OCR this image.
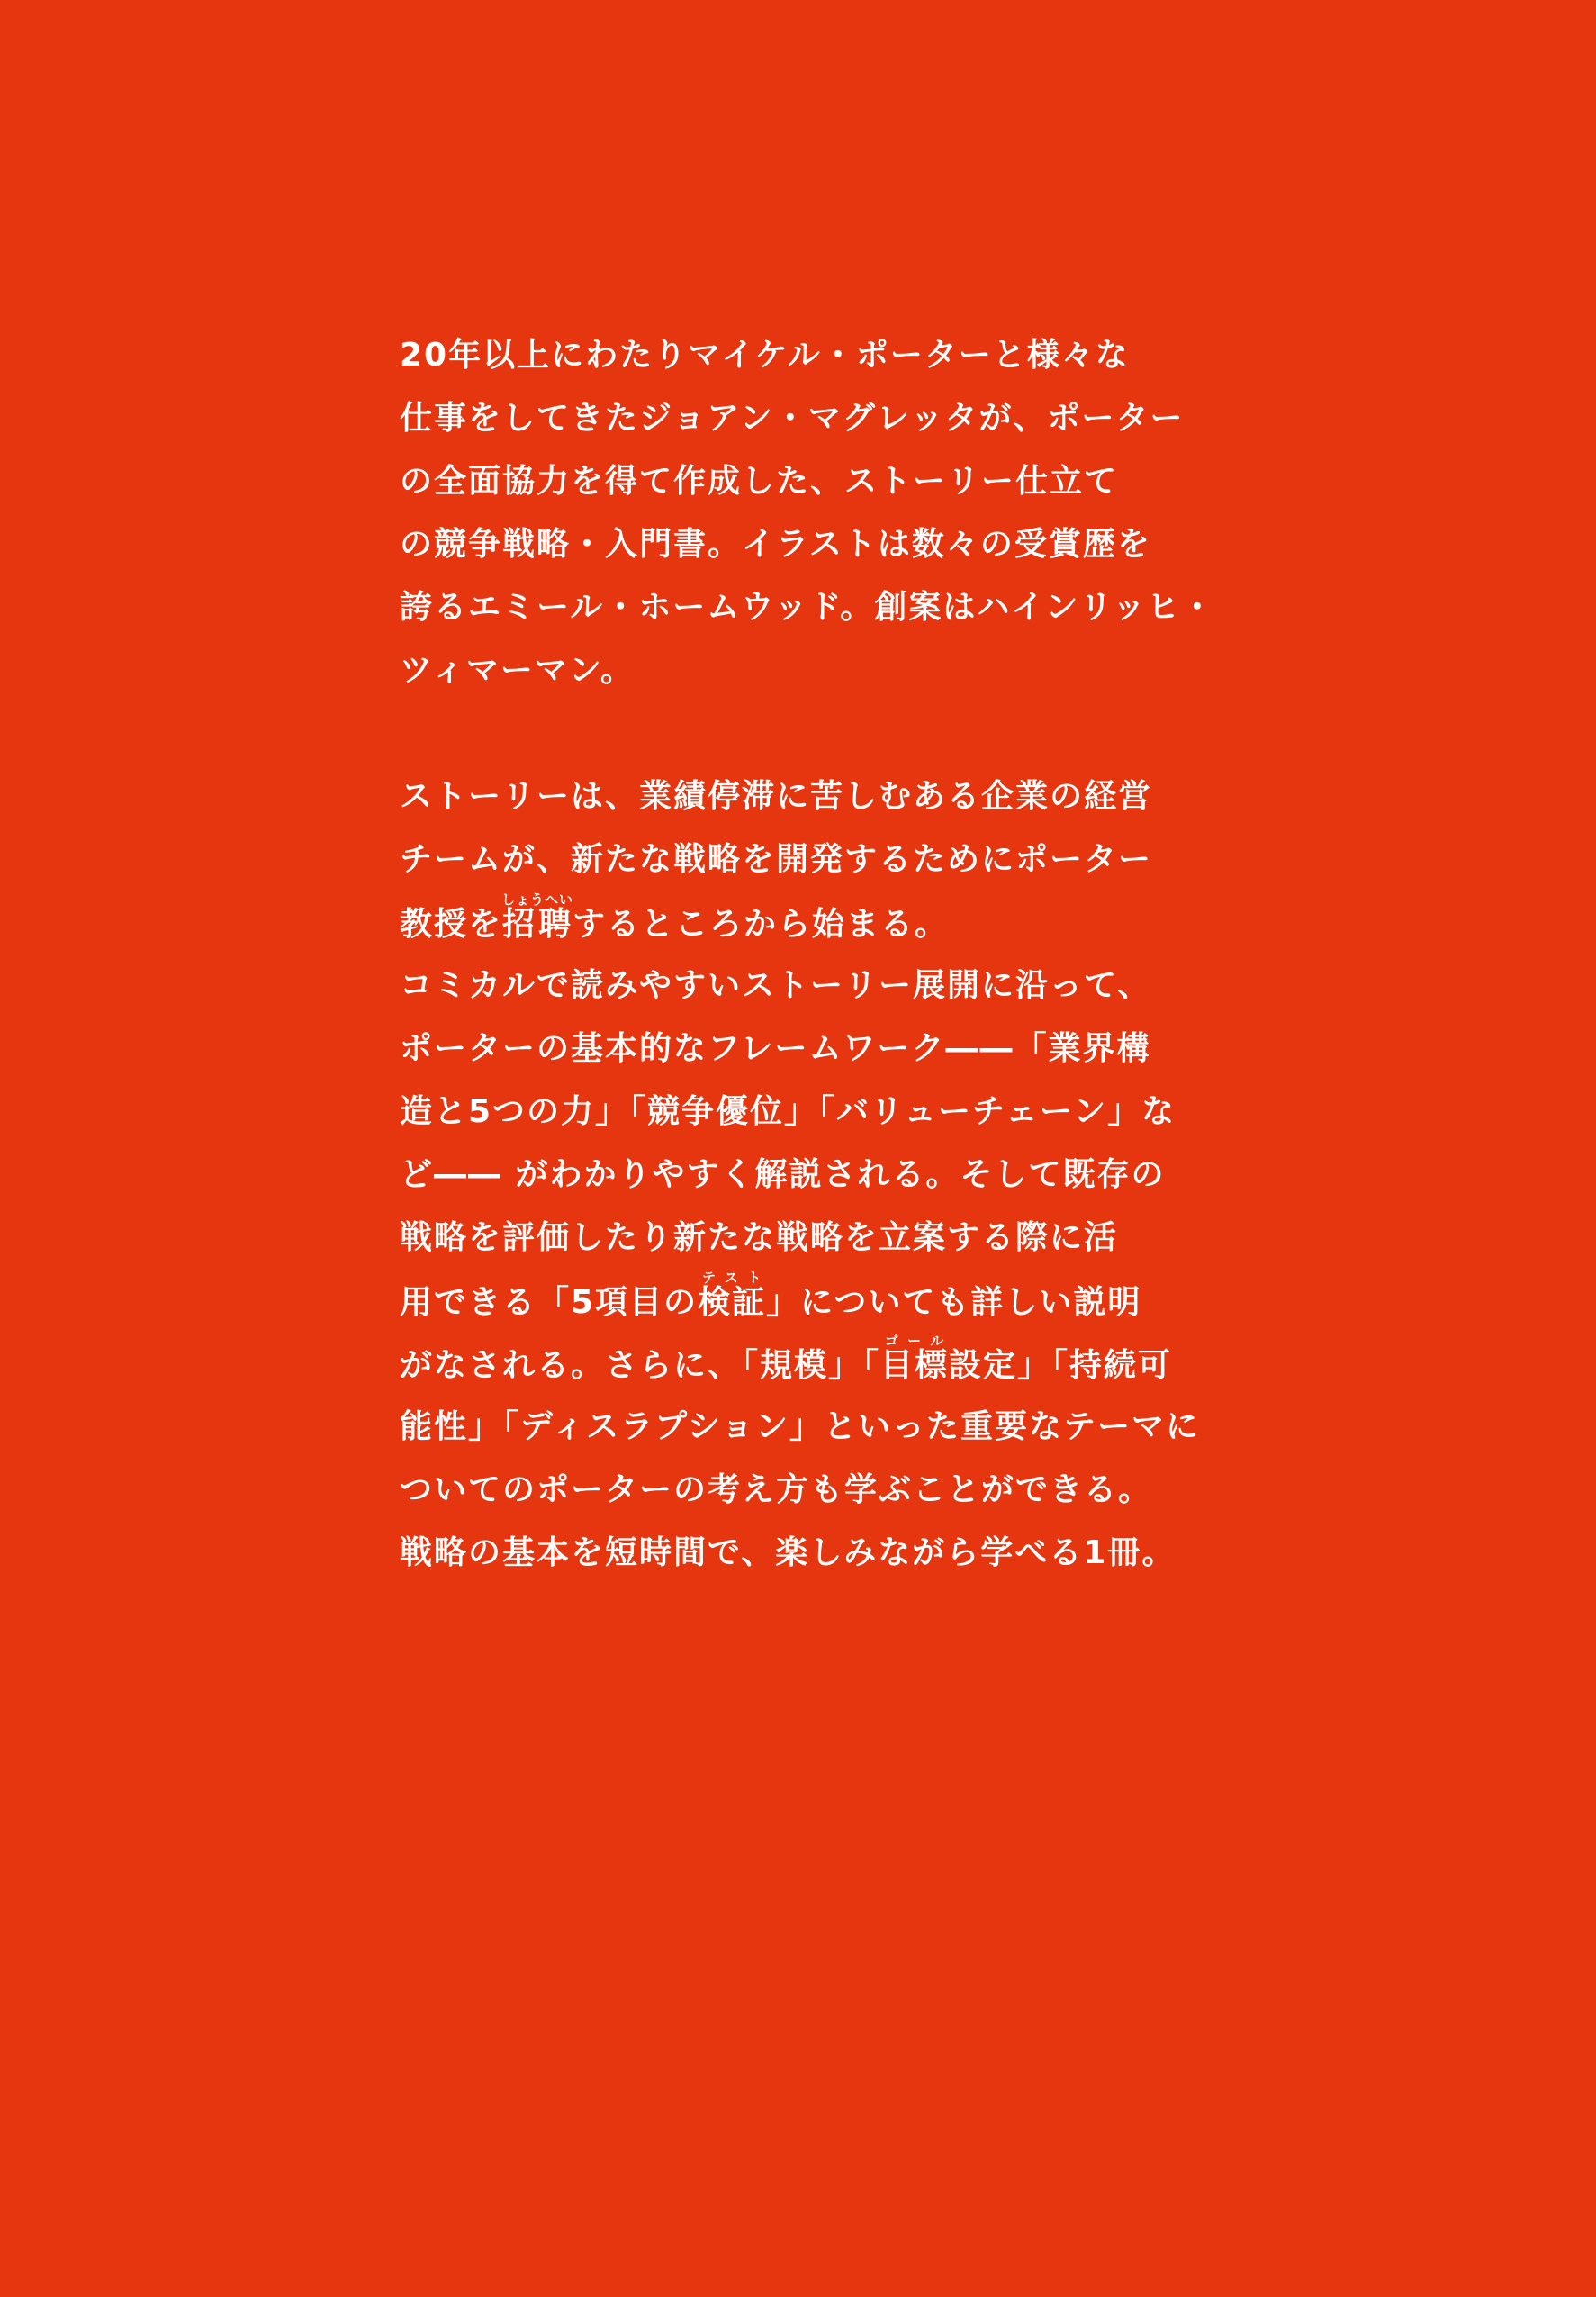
20年以上にわたりマイケル・ポーターと様々な
仕事をしてきたジョアン・マグレッタが、ポーター
の全面協力を得て作成した、ストーリー仕立て
の競争戦略・入門書。イラストは数々の受賞歴を
誇るエミール・ホームウッド。創案はハインリッヒ・
ツィマーマン。
ストーリーは、業績停滞に苦しむある企業の経営
チームが、新たな戦略を開発するためにポーター
教授を招聘しょうへいするところから始まる。
コミカルで読みやすいストーリー展開に沿って、
ポーターの基本的なフレームワーク――「業界構
造と5つの力」「競争優位」「バリューチェーン」な
ど―― がわかりやすく解説される。そして既存の
戦略を評価したり新たな戦略を立案する際に活
用できる「5項目の検証テスト」についても詳しい説明
がなされる。さらに、「規模」「目標ゴール設定」「持続可
能性」「ディスラプション」といった重要なテーマに
ついてのポーターの考え方も学ぶことができる。
戦略の基本を短時間で、楽しみながら学べる1冊。
